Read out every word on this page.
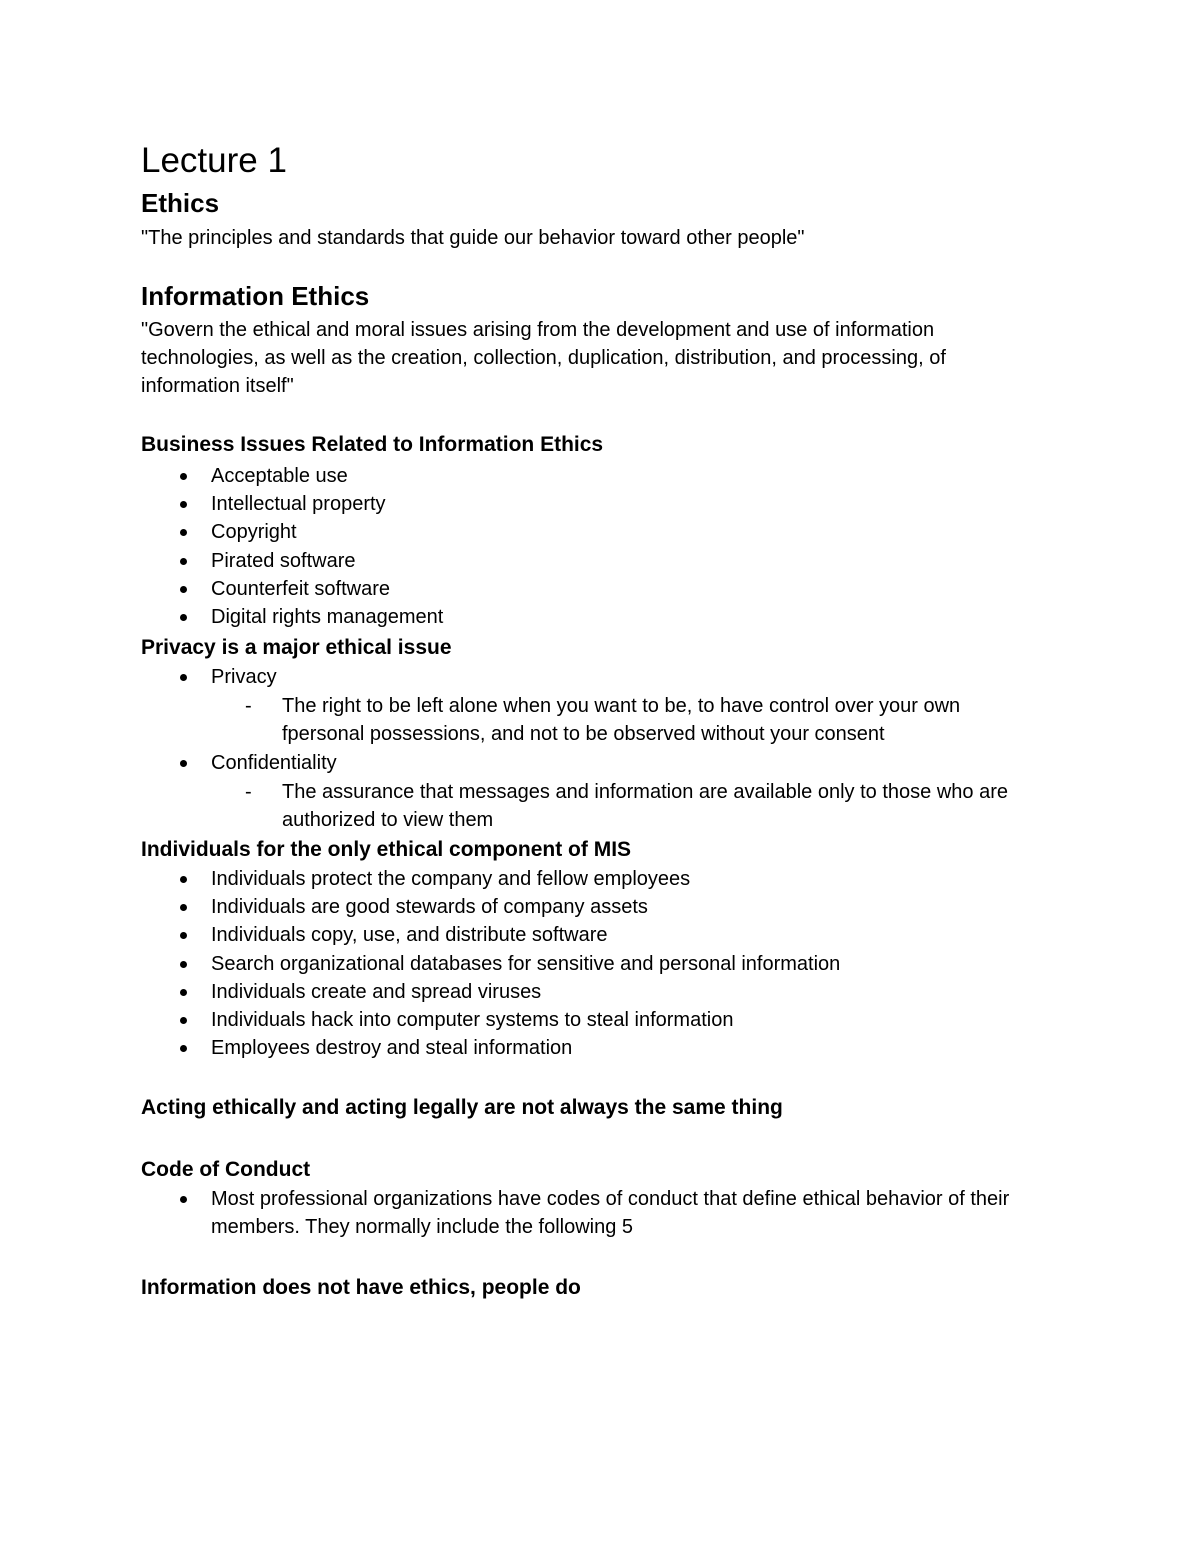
Lecture 1
Ethics

"The principles and standards that guide our behavior toward other people"

Information Ethics

"Govern the ethical and moral issues arising from the development and use of information technologies, as well as the creation, collection, duplication, distribution, and processing, of information itself"

Business Issues Related to Information Ethics
Acceptable use
Intellectual property
Copyright
Pirated software
Counterfeit software
Digital rights management
Privacy is a major ethical issue
Privacy
- The right to be left alone when you want to be, to have control over your own fpersonal possessions, and not to be observed without your consent
Confidentiality
- The assurance that messages and information are available only to those who are authorized to view them
Individuals for the only ethical component of MIS
Individuals protect the company and fellow employees
Individuals are good stewards of company assets
Individuals copy, use, and distribute software
Search organizational databases for sensitive and personal information
Individuals create and spread viruses
Individuals hack into computer systems to steal information
Employees destroy and steal information
Acting ethically and acting legally are not always the same thing
Code of Conduct
Most professional organizations have codes of conduct that define ethical behavior of their members. They normally include the following 5
Information does not have ethics, people do
